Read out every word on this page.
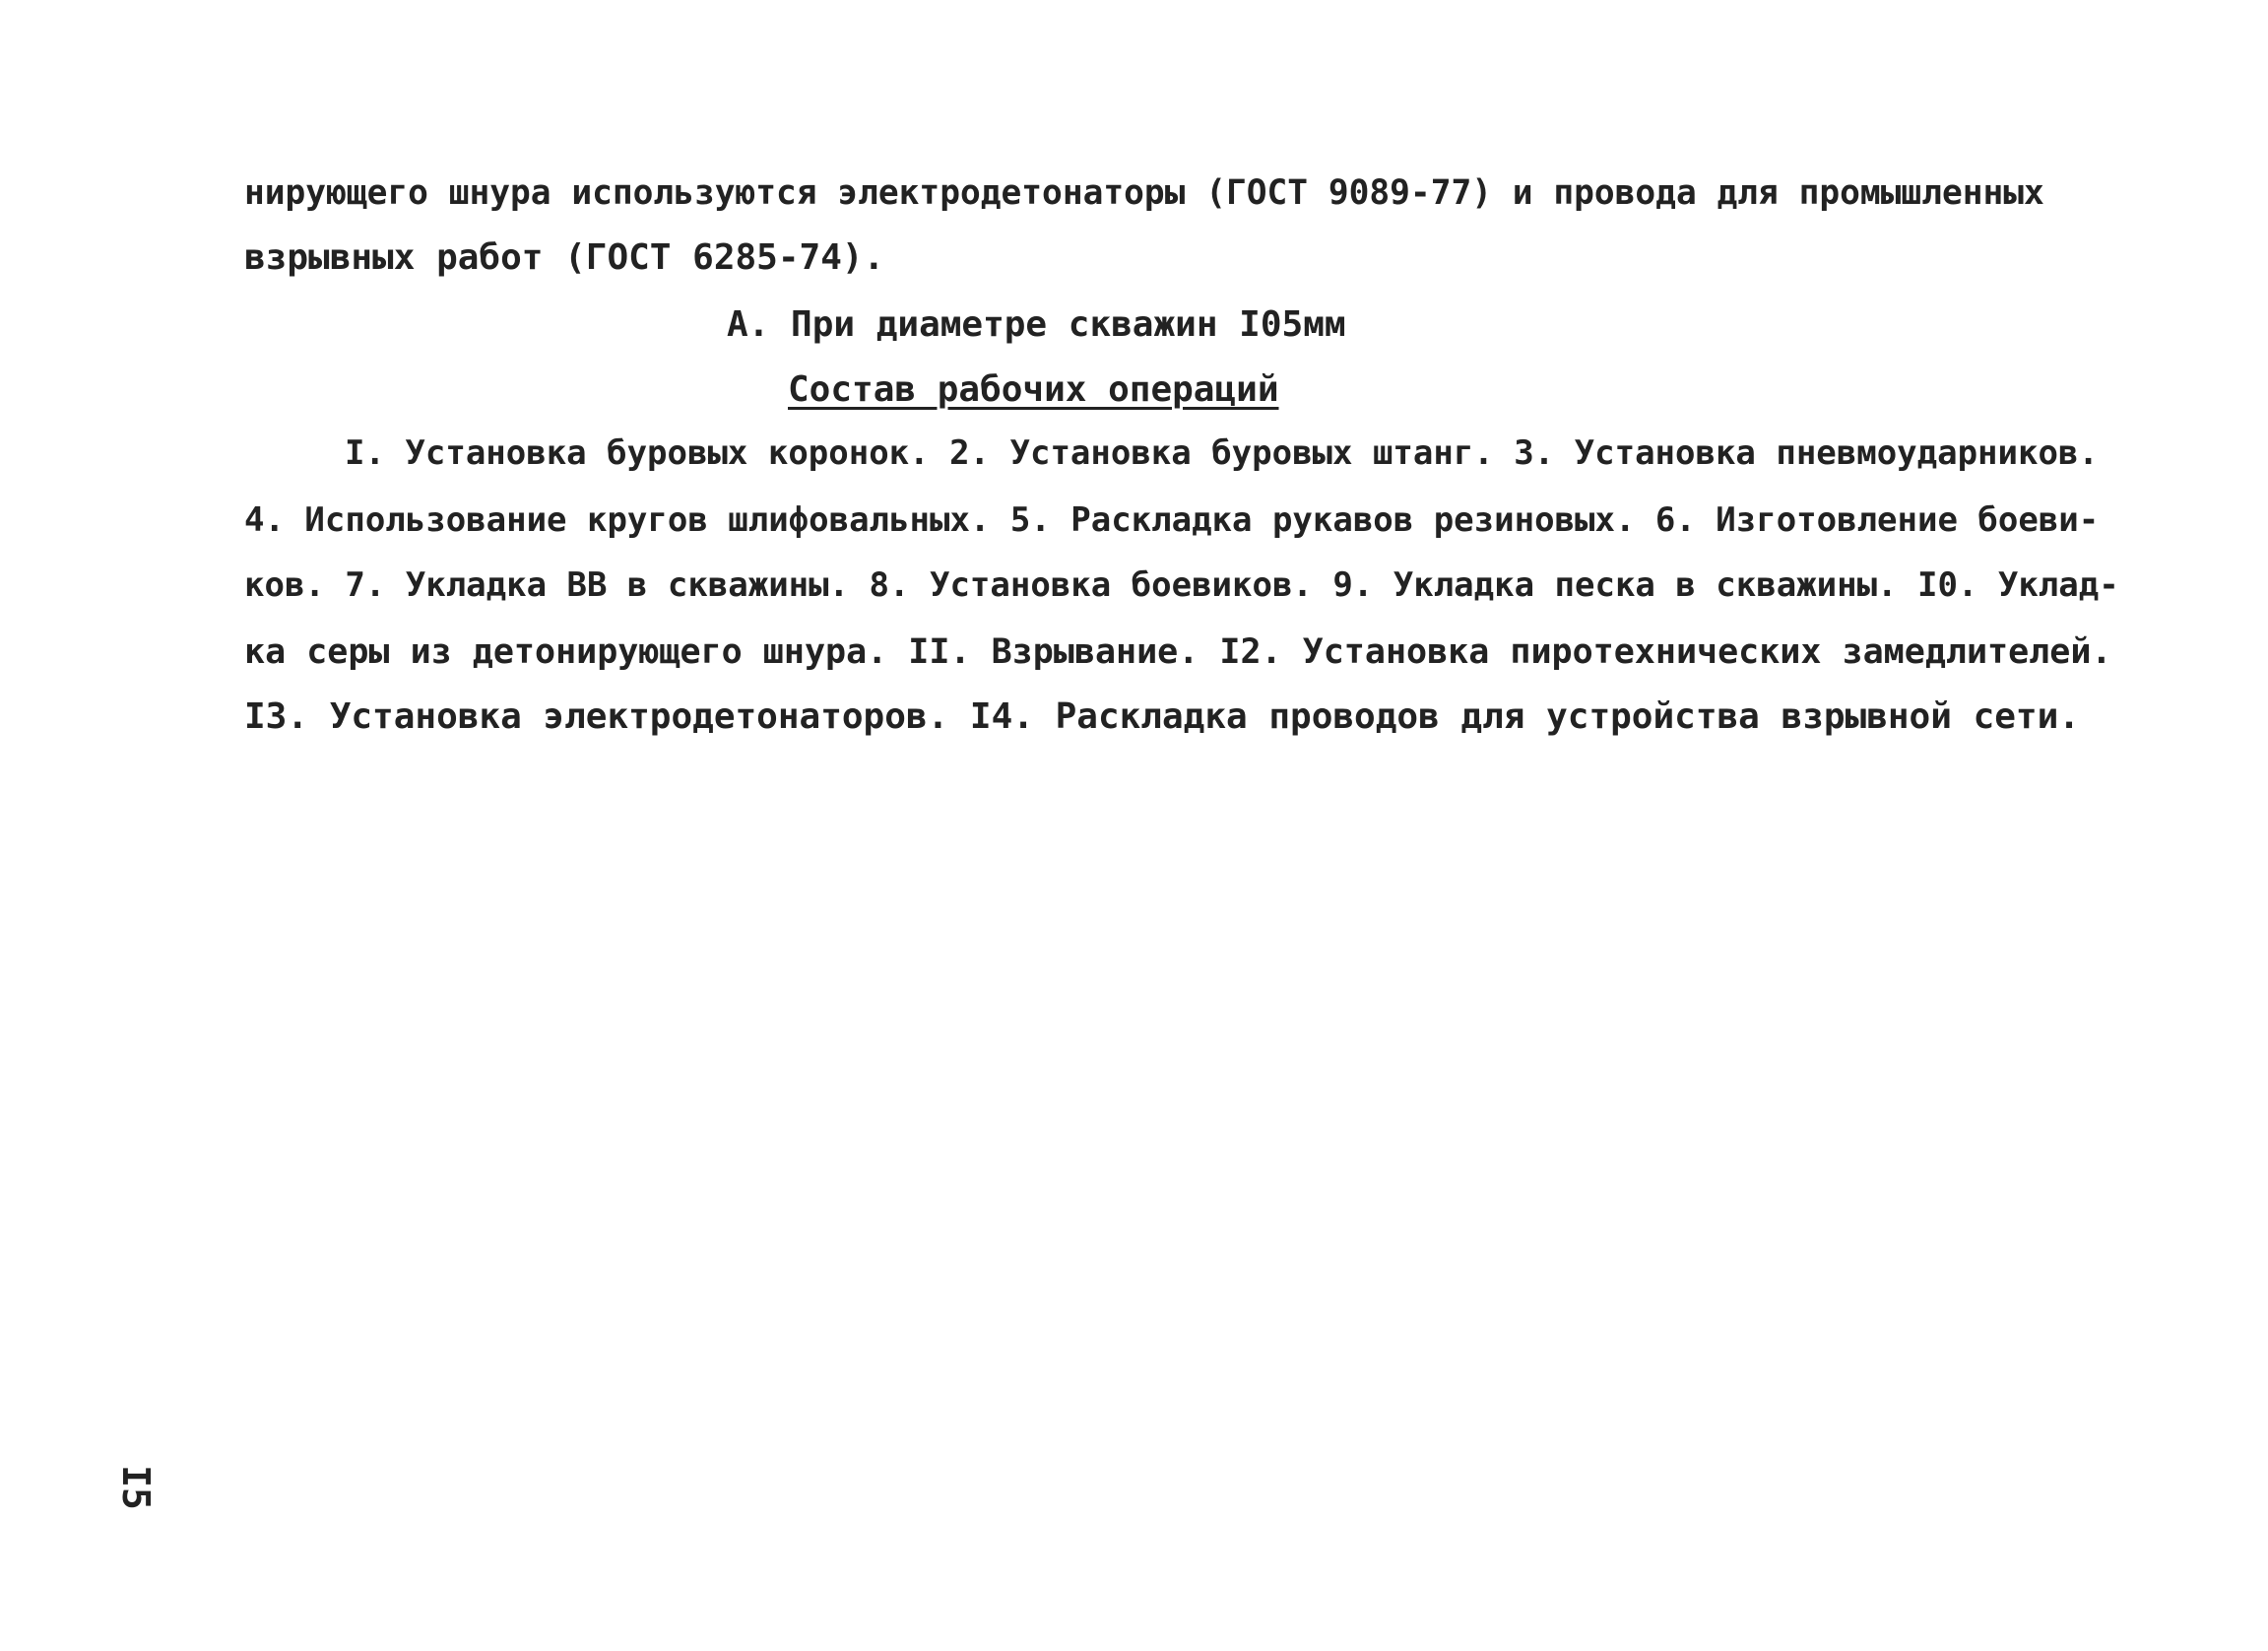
нирующего шнура используются электродетонаторы (ГОСТ 9089-77) и провода для промышленных
взрывных работ (ГОСТ 6285-74).
А. При диаметре скважин I05мм
Состав рабочих операций
I. Установка буровых коронок. 2. Установка буровых штанг. 3. Установка пневмоударников.
4. Использование кругов шлифовальных. 5. Раскладка рукавов резиновых. 6. Изготовление боеви-
ков. 7. Укладка ВВ в скважины. 8. Установка боевиков. 9. Укладка песка в скважины. I0. Уклад-
ка серы из детонирующего шнура. II. Взрывание. I2. Установка пиротехнических замедлителей.
I3. Установка электродетонаторов. I4. Раскладка проводов для устройства взрывной сети.
I5
